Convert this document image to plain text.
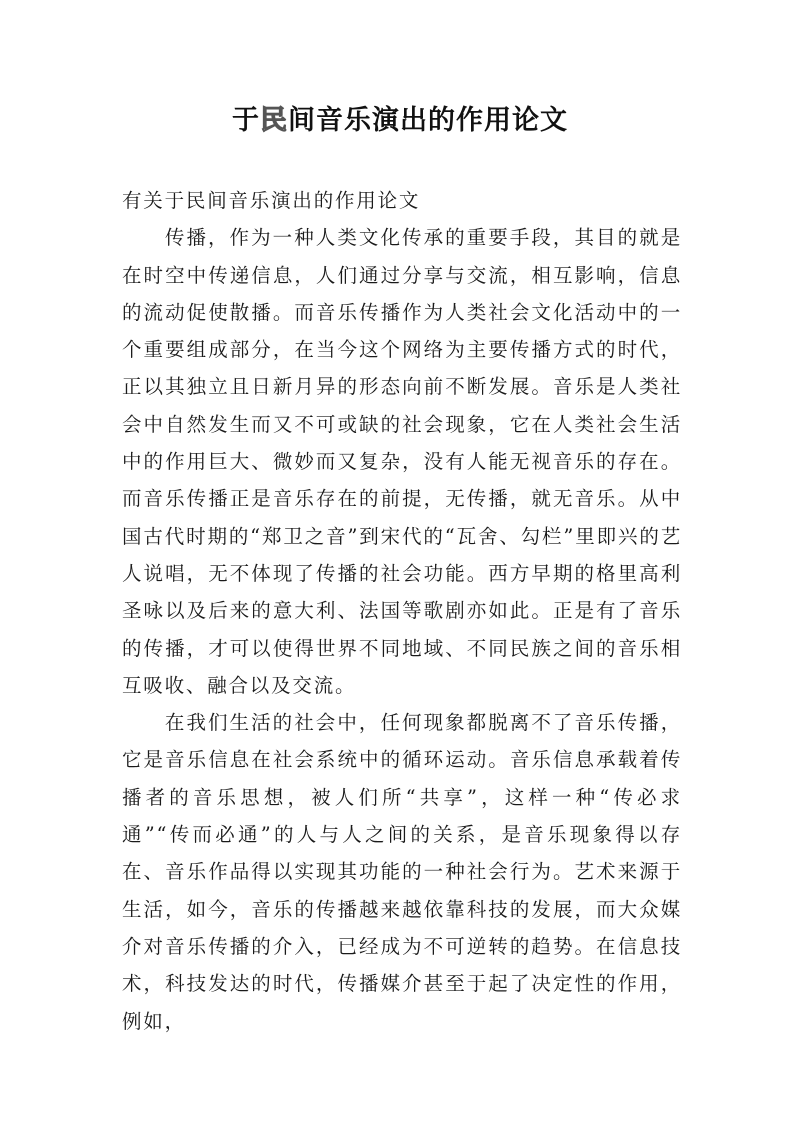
于民间音乐演出的作用论文

有关于民间音乐演出的作用论文

传播，作为一种人类文化传承的重要手段，其目的就是在时空中传递信息，人们通过分享与交流，相互影响，信息的流动促使散播。而音乐传播作为人类社会文化活动中的一个重要组成部分，在当今这个网络为主要传播方式的时代，正以其独立且日新月异的形态向前不断发展。音乐是人类社会中自然发生而又不可或缺的社会现象，它在人类社会生活中的作用巨大、微妙而又复杂，没有人能无视音乐的存在。而音乐传播正是音乐存在的前提，无传播，就无音乐。从中国古代时期的“郑卫之音”到宋代的“瓦舍、勾栏”里即兴的艺人说唱，无不体现了传播的社会功能。西方早期的格里高利圣咏以及后来的意大利、法国等歌剧亦如此。正是有了音乐的传播，才可以使得世界不同地域、不同民族之间的音乐相互吸收、融合以及交流。

在我们生活的社会中，任何现象都脱离不了音乐传播，它是音乐信息在社会系统中的循环运动。音乐信息承载着传播者的音乐思想，被人们所“共享”，这样一种“传必求通”“传而必通”的人与人之间的关系，是音乐现象得以存在、音乐作品得以实现其功能的一种社会行为。艺术来源于生活，如今，音乐的传播越来越依靠科技的发展，而大众媒介对音乐传播的介入，已经成为不可逆转的趋势。在信息技术，科技发达的时代，传播媒介甚至于起了决定性的作用，例如，
